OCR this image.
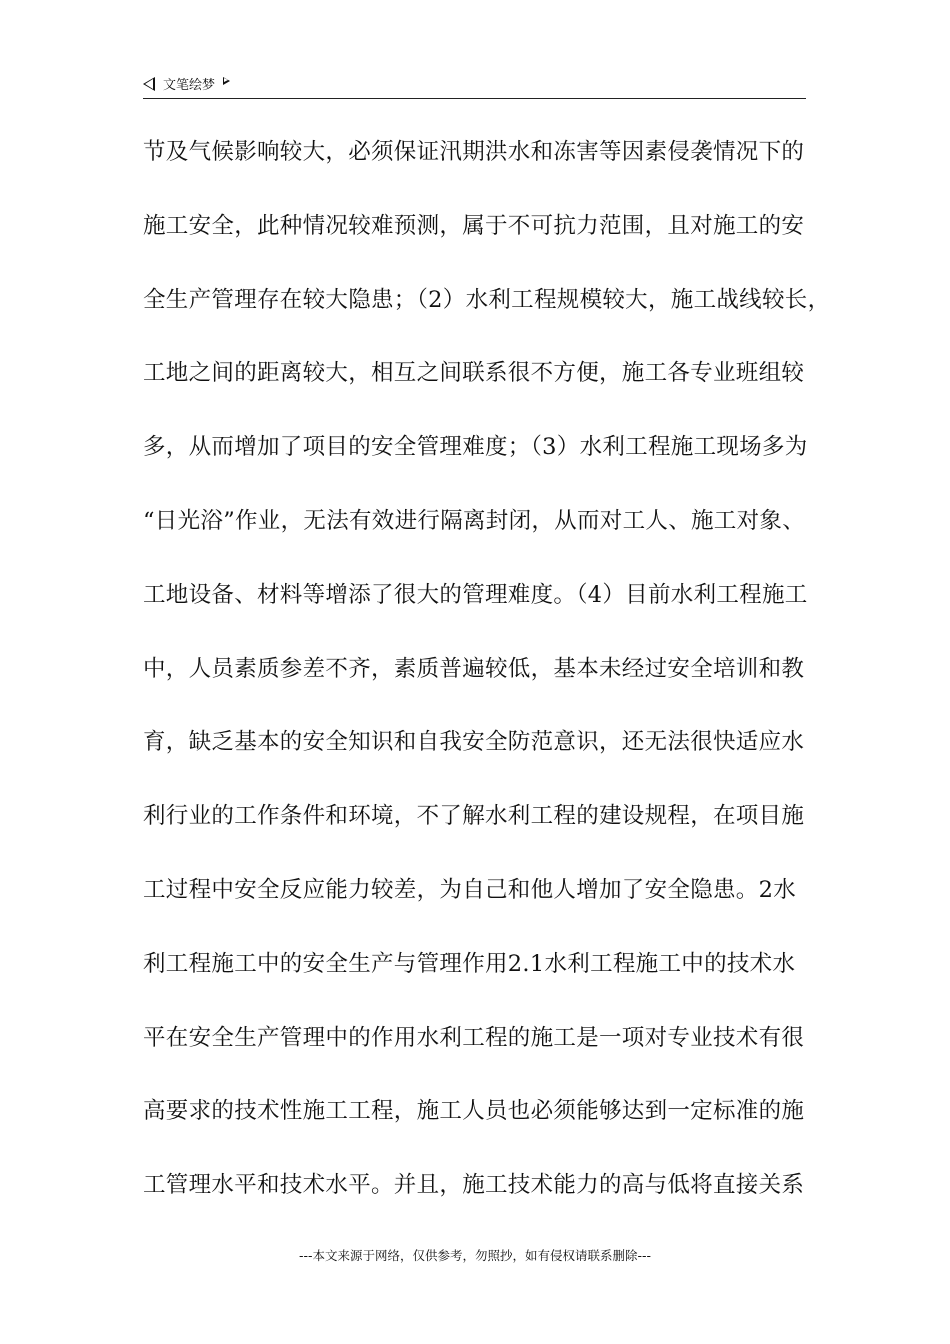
文笔绘梦
节及气候影响较大，必须保证汛期洪水和冻害等因素侵袭情况下的
施工安全，此种情况较难预测，属于不可抗力范围，且对施工的安
全生产管理存在较大隐患；（2）水利工程规模较大，施工战线较长，
工地之间的距离较大，相互之间联系很不方便，施工各专业班组较
多，从而增加了项目的安全管理难度；（3）水利工程施工现场多为
“日光浴”作业，无法有效进行隔离封闭，从而对工人、施工对象、
工地设备、材料等增添了很大的管理难度。（4）目前水利工程施工
中，人员素质参差不齐，素质普遍较低，基本未经过安全培训和教
育，缺乏基本的安全知识和自我安全防范意识，还无法很快适应水
利行业的工作条件和环境，不了解水利工程的建设规程，在项目施
工过程中安全反应能力较差，为自己和他人增加了安全隐患。2水
利工程施工中的安全生产与管理作用2.1水利工程施工中的技术水
平在安全生产管理中的作用水利工程的施工是一项对专业技术有很
高要求的技术性施工工程，施工人员也必须能够达到一定标准的施
工管理水平和技术水平。并且，施工技术能力的高与低将直接关系
---本文来源于网络，仅供参考，勿照抄，如有侵权请联系删除---
